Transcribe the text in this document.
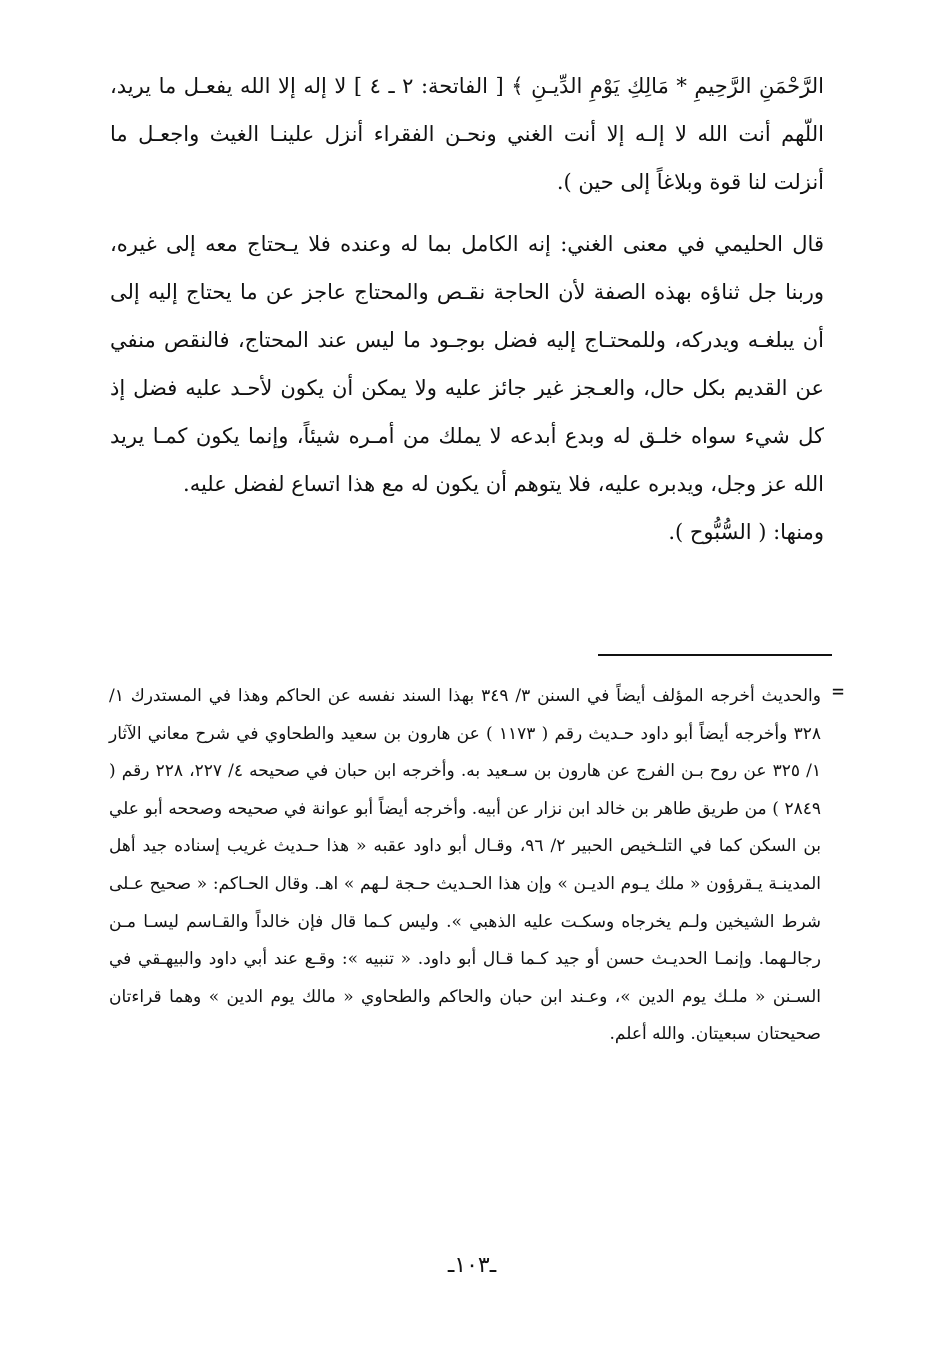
الرَّحْمَنِ الرَّحِيمِ * مَالِكِ يَوْمِ الدِّيـنِ ﴾ [ الفاتحة: ٢ ـ ٤ ] لا إله إلا الله يفعـل ما يريد، اللّهم أنت الله لا إلـه إلا أنت الغني ونحـن الفقراء أنزل علينـا الغيث واجعـل ما أنزلت لنا قوة وبلاغاً إلى حين ).

قال الحليمي في معنى الغني: إنه الكامل بما له وعنده فلا يـحتاج معه إلى غيره، وربنا جل ثناؤه بهذه الصفة لأن الحاجة نقـص والمحتاج عاجز عن ما يحتاج إليه إلى أن يبلغـه ويدركه، وللمحتـاج إليه فضل بوجـود ما ليس عند المحتاج، فالنقص منفي عن القديم بكل حال، والعـجز غير جائز عليه ولا يمكن أن يكون لأحـد عليه فضل إذ كل شيء سواه خلـق له وبدع أبدعه لا يملك من أمـره شيئاً، وإنما يكون كمـا يريد الله عز وجل، ويدبره عليه، فلا يتوهم أن يكون له مع هذا اتساع لفضل عليه.

ومنها: ( السُّبُّوح ).

=

والحديث أخرجه المؤلف أيضاً في السنن ٣/ ٣٤٩ بهذا السند نفسه عن الحاكم وهذا في المستدرك ١/ ٣٢٨ وأخرجه أيضاً أبو داود حـديث رقم ( ١١٧٣ ) عن هارون بن سعيد والطحاوي في شرح معاني الآثار ١/ ٣٢٥ عن روح بـن الفرج عن هارون بن سـعيد به. وأخرجه ابن حبان في صحيحه ٤/ ٢٢٧، ٢٢٨ رقم ( ٢٨٤٩ ) من طريق طاهر بن خالد ابن نزار عن أبيه. وأخرجه أيضاً أبو عوانة في صحيحه وصححه أبو علي بن السكن كما في التلـخيص الحبير ٢/ ٩٦، وقـال أبو داود عقبه « هذا حـديث غريب إسناده جيد أهل المدينـة يـقرؤون « ملك يـوم الديـن » وإن هذا الحـديث حـجة لـهم » اهـ. وقال الحـاكم: « صحيح عـلى شرط الشيخين ولـم يخرجاه وسكـت عليه الذهبي ». وليس كـما قال فإن خالداً والقـاسم ليسـا مـن رجالـهما. وإنمـا الحديـث حسن أو جيد كـما قـال أبو داود. « تنبيه »: وقـع عند أبي داود والبيهـقي في السـنن « ملـك يوم الدين »، وعـند ابن حبان والحاكم والطحاوي « مالك يوم الدين » وهما قراءتان صحيحتان سبعيتان. والله أعلم.

ـ١٠٣ـ
